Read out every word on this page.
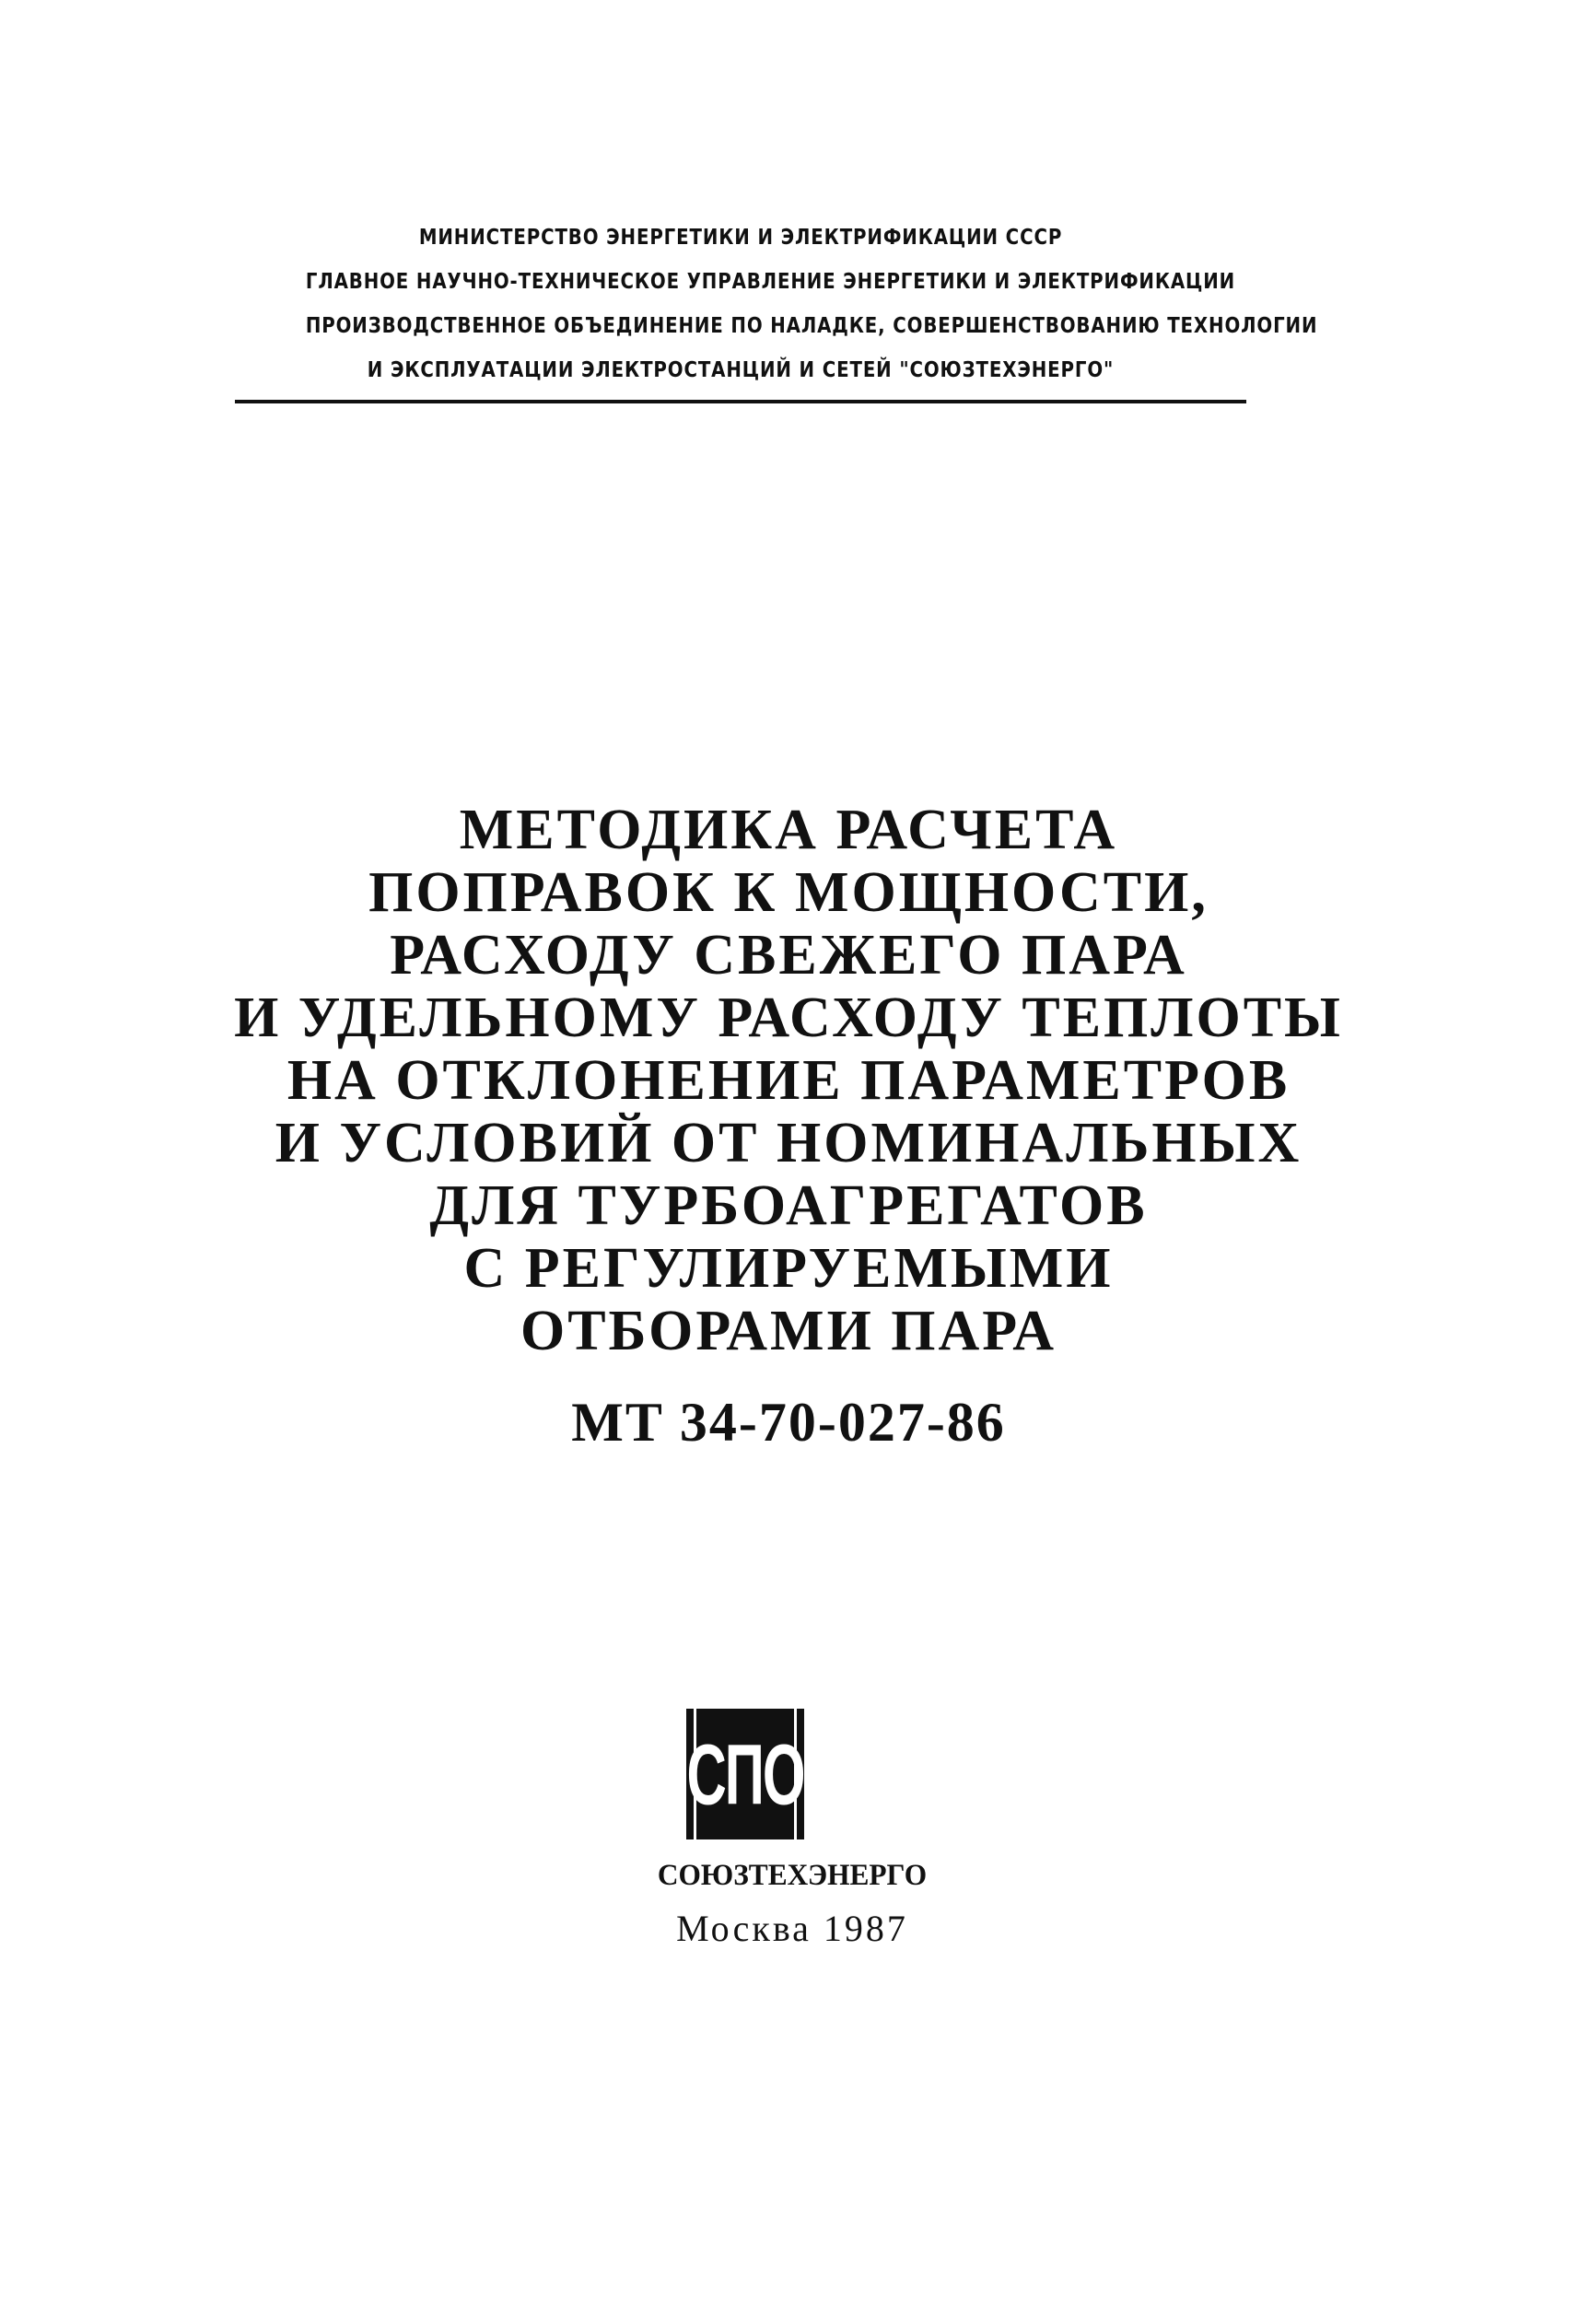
МИНИСТЕРСТВО ЭНЕРГЕТИКИ И ЭЛЕКТРИФИКАЦИИ СССР
ГЛАВНОЕ НАУЧНО-ТЕХНИЧЕСКОЕ УПРАВЛЕНИЕ ЭНЕРГЕТИКИ И ЭЛЕКТРИФИКАЦИИ
ПРОИЗВОДСТВЕННОЕ ОБЪЕДИНЕНИЕ ПО НАЛАДКЕ, СОВЕРШЕНСТВОВАНИЮ ТЕХНОЛОГИИ
И ЭКСПЛУАТАЦИИ ЭЛЕКТРОСТАНЦИЙ И СЕТЕЙ "СОЮЗТЕХЭНЕРГО"
МЕТОДИКА РАСЧЕТА
ПОПРАВОК К МОЩНОСТИ,
РАСХОДУ СВЕЖЕГО ПАРА
И УДЕЛЬНОМУ РАСХОДУ ТЕПЛОТЫ
НА ОТКЛОНЕНИЕ ПАРАМЕТРОВ
И УСЛОВИЙ ОТ НОМИНАЛЬНЫХ
ДЛЯ ТУРБОАГРЕГАТОВ
С РЕГУЛИРУЕМЫМИ
ОТБОРАМИ ПАРА
МТ 34-70-027-86
СПО
СОЮЗТЕХЭНЕРГО
Москва 1987
